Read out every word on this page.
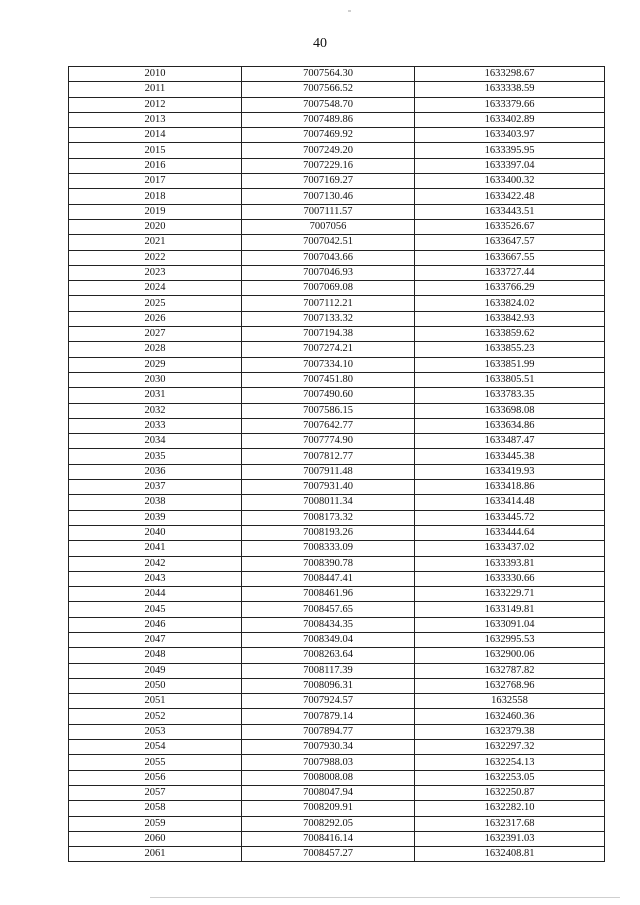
40
2010	7007564.30	1633298.67
2011	7007566.52	1633338.59
2012	7007548.70	1633379.66
2013	7007489.86	1633402.89
2014	7007469.92	1633403.97
2015	7007249.20	1633395.95
2016	7007229.16	1633397.04
2017	7007169.27	1633400.32
2018	7007130.46	1633422.48
2019	7007111.57	1633443.51
2020	7007056	1633526.67
2021	7007042.51	1633647.57
2022	7007043.66	1633667.55
2023	7007046.93	1633727.44
2024	7007069.08	1633766.29
2025	7007112.21	1633824.02
2026	7007133.32	1633842.93
2027	7007194.38	1633859.62
2028	7007274.21	1633855.23
2029	7007334.10	1633851.99
2030	7007451.80	1633805.51
2031	7007490.60	1633783.35
2032	7007586.15	1633698.08
2033	7007642.77	1633634.86
2034	7007774.90	1633487.47
2035	7007812.77	1633445.38
2036	7007911.48	1633419.93
2037	7007931.40	1633418.86
2038	7008011.34	1633414.48
2039	7008173.32	1633445.72
2040	7008193.26	1633444.64
2041	7008333.09	1633437.02
2042	7008390.78	1633393.81
2043	7008447.41	1633330.66
2044	7008461.96	1633229.71
2045	7008457.65	1633149.81
2046	7008434.35	1633091.04
2047	7008349.04	1632995.53
2048	7008263.64	1632900.06
2049	7008117.39	1632787.82
2050	7008096.31	1632768.96
2051	7007924.57	1632558
2052	7007879.14	1632460.36
2053	7007894.77	1632379.38
2054	7007930.34	1632297.32
2055	7007988.03	1632254.13
2056	7008008.08	1632253.05
2057	7008047.94	1632250.87
2058	7008209.91	1632282.10
2059	7008292.05	1632317.68
2060	7008416.14	1632391.03
2061	7008457.27	1632408.81
